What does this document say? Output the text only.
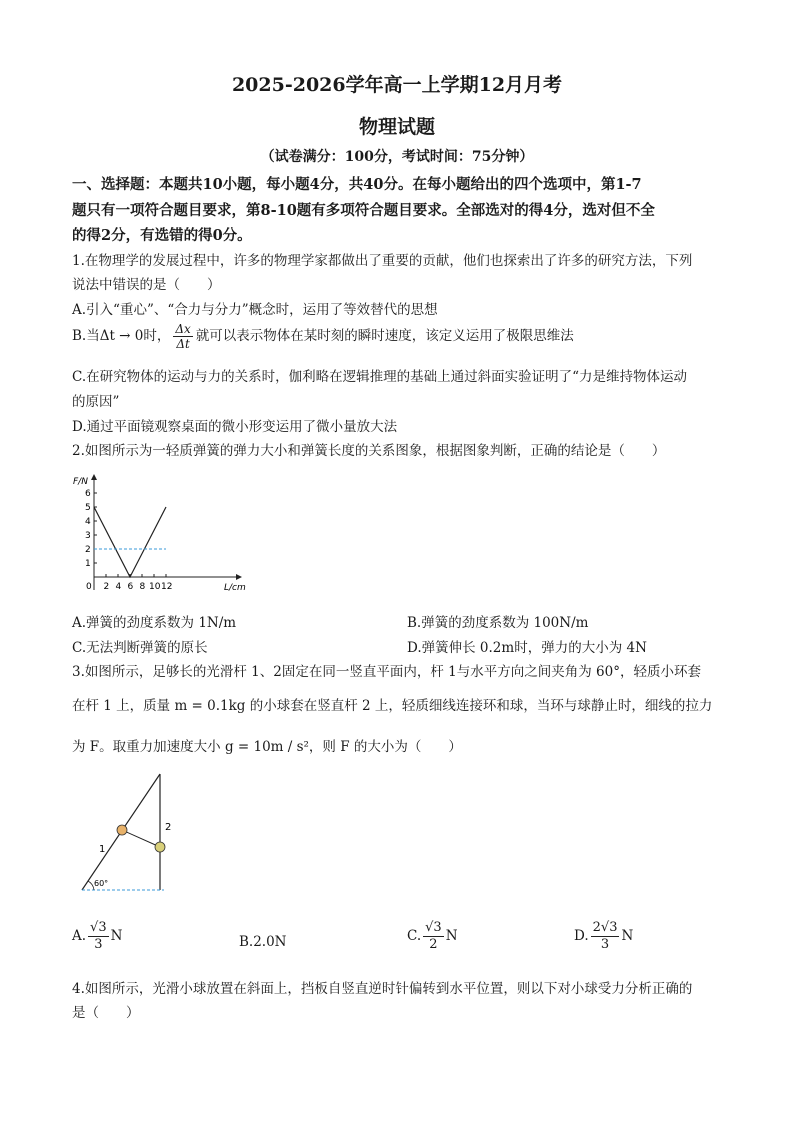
2025-2026学年高一上学期12月月考
物理试题
（试卷满分：100分，考试时间：75分钟）
一、选择题：本题共10小题，每小题4分，共40分。在每小题给出的四个选项中，第1-7
题只有一项符合题目要求，第8-10题有多项符合题目要求。全部选对的得4分，选对但不全
的得2分，有选错的得0分。
1.在物理学的发展过程中，许多的物理学家都做出了重要的贡献，他们也探索出了许多的研究方法，下列
说法中错误的是（　　）
A.引入“重心”、“合力与分力”概念时，运用了等效替代的思想
B.当Δt → 0时， $\frac{\Delta x}{\Delta t}$ 就可以表示物体在某时刻的瞬时速度，该定义运用了极限思维法
C.在研究物体的运动与力的关系时，伽利略在逻辑推理的基础上通过斜面实验证明了“力是维持物体运动
的原因”
D.通过平面镜观察桌面的微小形变运用了微小量放大法
2.如图所示为一轻质弹簧的弹力大小和弹簧长度的关系图象，根据图象判断，正确的结论是（　　）
F/N
L/cm
0
1
2
3
4
5
6
2 4 6 8 10 12
A.弹簧的劲度系数为 1N/m	B.弹簧的劲度系数为 100N/m
C.无法判断弹簧的原长	D.弹簧伸长 0.2m时，弹力的大小为 4N
3.如图所示，足够长的光滑杆 1、2固定在同一竖直平面内，杆 1与水平方向之间夹角为 60°，轻质小环套
在杆 1 上，质量 m = 0.1kg 的小球套在竖直杆 2 上，轻质细线连接环和球，当环与球静止时，细线的拉力
为 F。取重力加速度大小 g = 10m / s²，则 F 的大小为（　　）
60°
1
2
A. $\frac{√3}{3}$ N	B.2.0N	C. $\frac{√3}{2}$ N	D. $\frac{2√3}{3}$ N
4.如图所示，光滑小球放置在斜面上，挡板自竖直逆时针偏转到水平位置，则以下对小球受力分析正确的
是（　　）
